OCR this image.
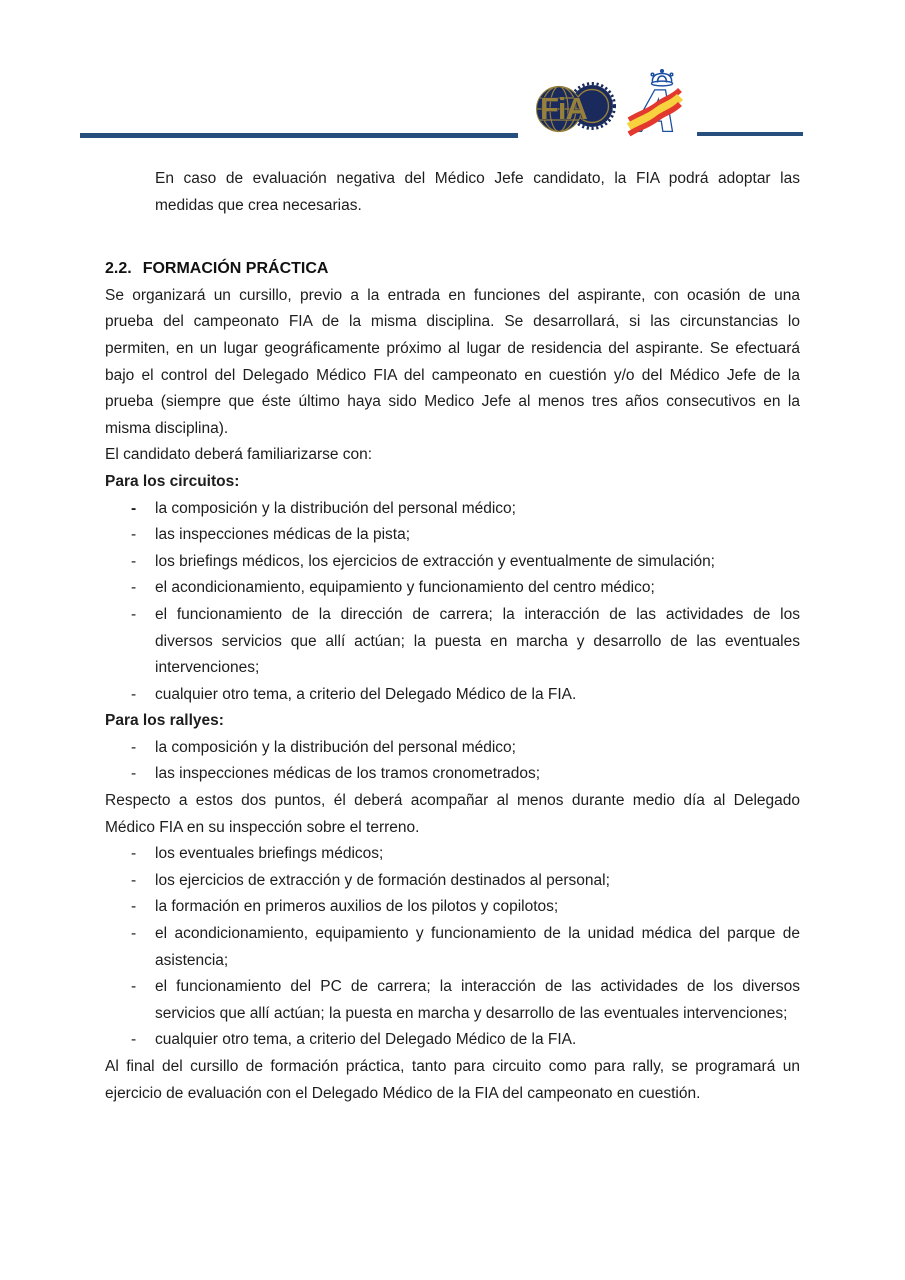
FiA A
En caso de evaluación negativa del Médico Jefe candidato, la FIA podrá adoptar las
medidas que crea necesarias.
2.2. FORMACIÓN PRÁCTICA
Se organizará un cursillo, previo a la entrada en funciones del aspirante, con ocasión de una
prueba del campeonato FIA de la misma disciplina. Se desarrollará, si las circunstancias lo
permiten, en un lugar geográficamente próximo al lugar de residencia del aspirante. Se efectuará
bajo el control del Delegado Médico FIA del campeonato en cuestión y/o del Médico Jefe de la
prueba (siempre que éste último haya sido Medico Jefe al menos tres años consecutivos en la
misma disciplina).
El candidato deberá familiarizarse con:
Para los circuitos:
- la composición y la distribución del personal médico;
- las inspecciones médicas de la pista;
- los briefings médicos, los ejercicios de extracción y eventualmente de simulación;
- el acondicionamiento, equipamiento y funcionamiento del centro médico;
- el funcionamiento de la dirección de carrera; la interacción de las actividades de los
diversos servicios que allí actúan; la puesta en marcha y desarrollo de las eventuales
intervenciones;
- cualquier otro tema, a criterio del Delegado Médico de la FIA.
Para los rallyes:
- la composición y la distribución del personal médico;
- las inspecciones médicas de los tramos cronometrados;
Respecto a estos dos puntos, él deberá acompañar al menos durante medio día al Delegado
Médico FIA en su inspección sobre el terreno.
- los eventuales briefings médicos;
- los ejercicios de extracción y de formación destinados al personal;
- la formación en primeros auxilios de los pilotos y copilotos;
- el acondicionamiento, equipamiento y funcionamiento de la unidad médica del parque de
asistencia;
- el funcionamiento del PC de carrera; la interacción de las actividades de los diversos
servicios que allí actúan; la puesta en marcha y desarrollo de las eventuales intervenciones;
- cualquier otro tema, a criterio del Delegado Médico de la FIA.
Al final del cursillo de formación práctica, tanto para circuito como para rally, se programará un
ejercicio de evaluación con el Delegado Médico de la FIA del campeonato en cuestión.
